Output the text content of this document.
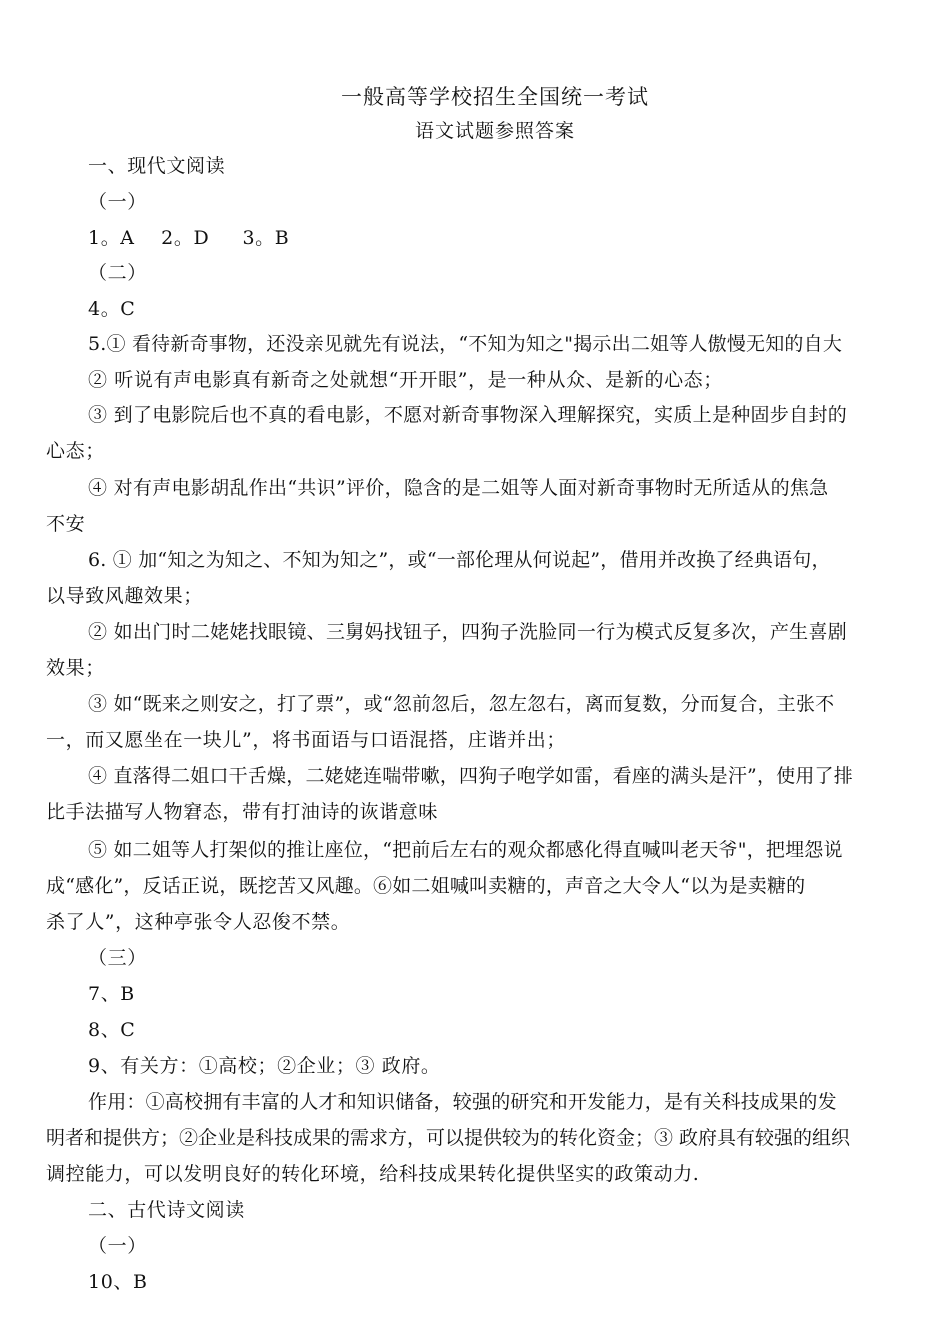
一般高等学校招生全国统一考试
语文试题参照答案
一、现代文阅读
（一）
1。A    2。D     3。B
（二）
4。C
5.① 看待新奇事物，还没亲见就先有说法，“不知为知之"揭示出二姐等人傲慢无知的自大
② 听说有声电影真有新奇之处就想“开开眼”，是一种从众、是新的心态；
③ 到了电影院后也不真的看电影，不愿对新奇事物深入理解探究，实质上是种固步自封的
心态；
④ 对有声电影胡乱作出“共识”评价，隐含的是二姐等人面对新奇事物时无所适从的焦急
不安
6. ① 加“知之为知之、不知为知之”，或“一部伦理从何说起”，借用并改换了经典语句，
以导致风趣效果；
② 如出门时二姥姥找眼镜、三舅妈找钮子，四狗子洗脸同一行为模式反复多次，产生喜剧
效果；
③ 如“既来之则安之，打了票”，或“忽前忽后，忽左忽右，离而复数，分而复合，主张不
一，而又愿坐在一块儿”，将书面语与口语混搭，庄谐并出；
④ 直落得二姐口干舌燥，二姥姥连喘带嗽，四狗子咆学如雷，看座的满头是汗”，使用了排
比手法描写人物窘态，带有打油诗的诙谐意味
⑤ 如二姐等人打架似的推让座位，“把前后左右的观众都感化得直喊叫老天爷"，把埋怨说
成“感化”，反话正说，既挖苦又风趣。⑥如二姐喊叫卖糖的，声音之大令人“以为是卖糖的
杀了人”，这种亭张令人忍俊不禁。
（三）
7、B
8、C
9、有关方：①高校；②企业；③ 政府。
作用：①高校拥有丰富的人才和知识储备，较强的研究和开发能力，是有关科技成果的发
明者和提供方；②企业是科技成果的需求方，可以提供较为的转化资金；③ 政府具有较强的组织
调控能力，可以发明良好的转化环境，给科技成果转化提供坚实的政策动力.
二、古代诗文阅读
（一）
10、B
